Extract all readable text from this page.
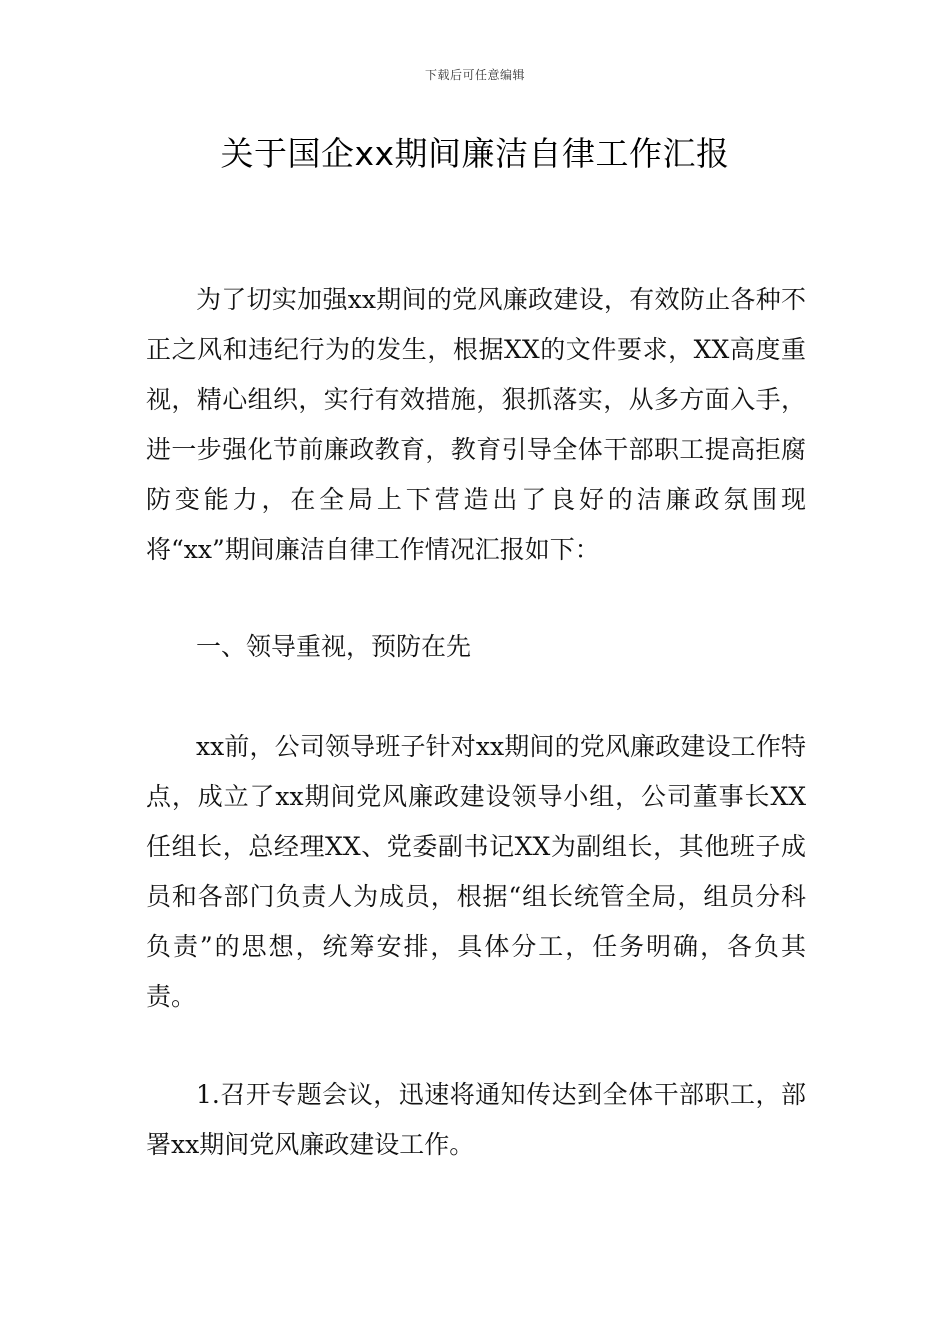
下载后可任意编辑
关于国企xx期间廉洁自律工作汇报

为了切实加强xx期间的党风廉政建设，有效防止各种不正之风和违纪行为的发生，根据XX的文件要求，XX高度重视，精心组织，实行有效措施，狠抓落实，从多方面入手，进一步强化节前廉政教育，教育引导全体干部职工提高拒腐防变能力，在全局上下营造出了良好的洁廉政氛围现将“xx”期间廉洁自律工作情况汇报如下：

一、领导重视，预防在先

xx前，公司领导班子针对xx期间的党风廉政建设工作特点，成立了xx期间党风廉政建设领导小组，公司董事长XX任组长，总经理XX、党委副书记XX为副组长，其他班子成员和各部门负责人为成员，根据“组长统管全局，组员分科负责”的思想，统筹安排，具体分工，任务明确，各负其责。

1.召开专题会议，迅速将通知传达到全体干部职工，部署xx期间党风廉政建设工作。
